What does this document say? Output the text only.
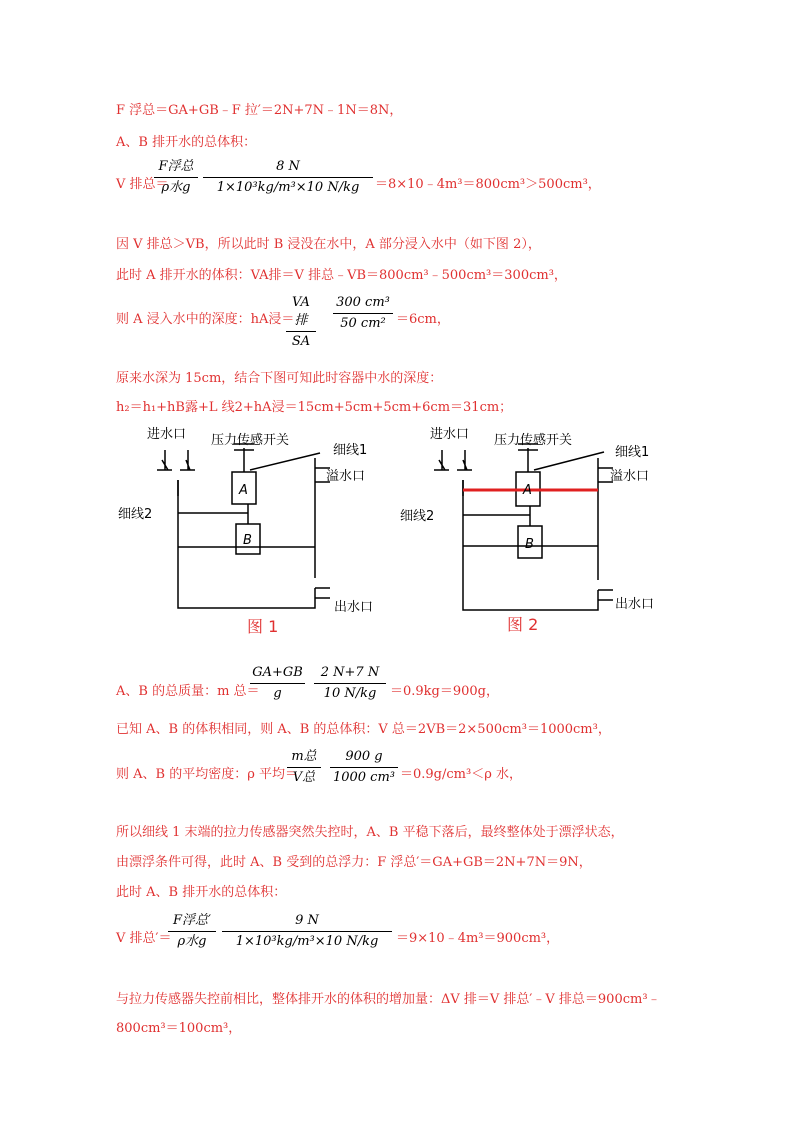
F 浮总＝GA+GB﹣F 拉′＝2N+7N﹣1N＝8N，
A、B 排开水的总体积：
V 排总＝
F浮总
ρ水g
8 N
1×10³kg/m³×10 N/kg	＝8×10﹣4m³＝800cm³＞500cm³，
因 V 排总＞VB，所以此时 B 浸没在水中，A 部分浸入水中（如下图 2），
此时 A 排开水的体积：VA排＝V 排总﹣VB＝800cm³﹣500cm³＝300cm³，
则 A 浸入水中的深度：hA浸＝
VA排
SA
300 cm³
50 cm² ＝6cm，
原来水深为 15cm，结合下图可知此时容器中水的深度：
h₂＝h₁+hB露+L 线2+hA浸＝15cm+5cm+5cm+6cm＝31cm；
进水口 压力传感开关
细线1
溢水口
细线2
A
B
出水口
进水口 压力传感开关
细线1
溢水口
细线2
A
B
出水口
图 1	图 2
A、B 的总质量：m 总＝
GA+GB
g
2 N+7 N
10 N/kg	＝0.9kg＝900g，
已知 A、B 的体积相同，则 A、B 的总体积：V 总＝2VB＝2×500cm³＝1000cm³，
则 A、B 的平均密度：ρ 平均＝
m总
V总
900 g
1000 cm³ ＝0.9g/cm³＜ρ 水，
所以细线 1 末端的拉力传感器突然失控时，A、B 平稳下落后，最终整体处于漂浮状态，
由漂浮条件可得，此时 A、B 受到的总浮力：F 浮总′＝GA+GB＝2N+7N＝9N，
此时 A、B 排开水的总体积：
V 排总′＝
F浮总′
ρ水g
9 N
1×10³kg/m³×10 N/kg	＝9×10﹣4m³＝900cm³，
与拉力传感器失控前相比，整体排开水的体积的增加量：ΔV 排＝V 排总′﹣V 排总＝900cm³﹣
800cm³＝100cm³，
